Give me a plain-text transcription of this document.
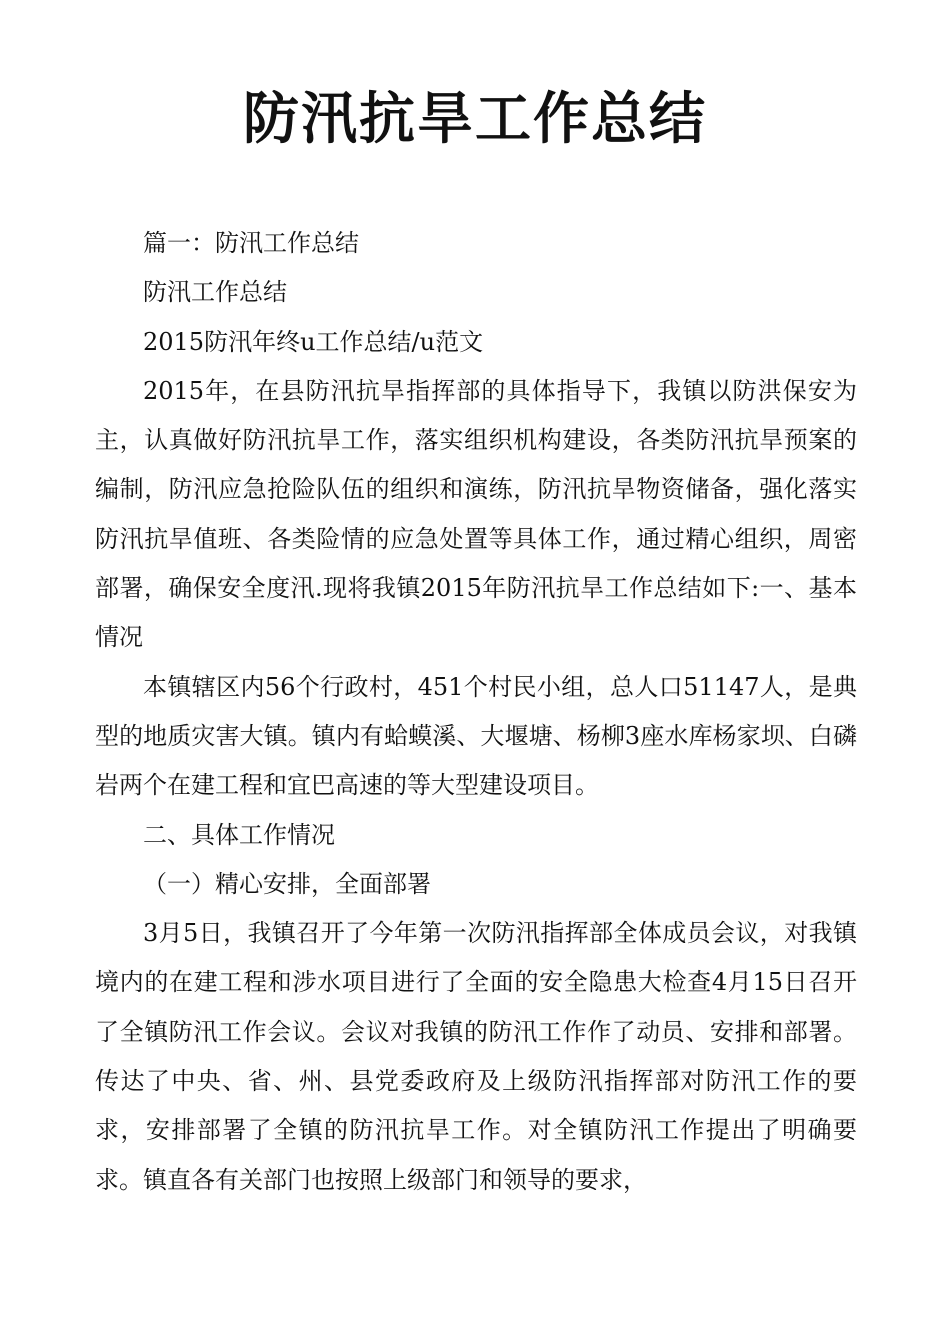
防汛抗旱工作总结

篇一：防汛工作总结

防汛工作总结

2015防汛年终u工作总结/u范文

2015年，在县防汛抗旱指挥部的具体指导下，我镇以防洪保安为主，认真做好防汛抗旱工作，落实组织机构建设，各类防汛抗旱预案的编制，防汛应急抢险队伍的组织和演练，防汛抗旱物资储备，强化落实防汛抗旱值班、各类险情的应急处置等具体工作，通过精心组织，周密部署，确保安全度汛.现将我镇2015年防汛抗旱工作总结如下:一、基本情况

本镇辖区内56个行政村，451个村民小组，总人口51147人，是典型的地质灾害大镇。镇内有蛤蟆溪、大堰塘、杨柳3座水库杨家坝、白磷岩两个在建工程和宜巴高速的等大型建设项目。

二、具体工作情况

（一）精心安排，全面部署

3月5日，我镇召开了今年第一次防汛指挥部全体成员会议，对我镇境内的在建工程和涉水项目进行了全面的安全隐患大检查4月15日召开了全镇防汛工作会议。会议对我镇的防汛工作作了动员、安排和部署。传达了中央、省、州、县党委政府及上级防汛指挥部对防汛工作的要求，安排部署了全镇的防汛抗旱工作。对全镇防汛工作提出了明确要求。镇直各有关部门也按照上级部门和领导的要求，
